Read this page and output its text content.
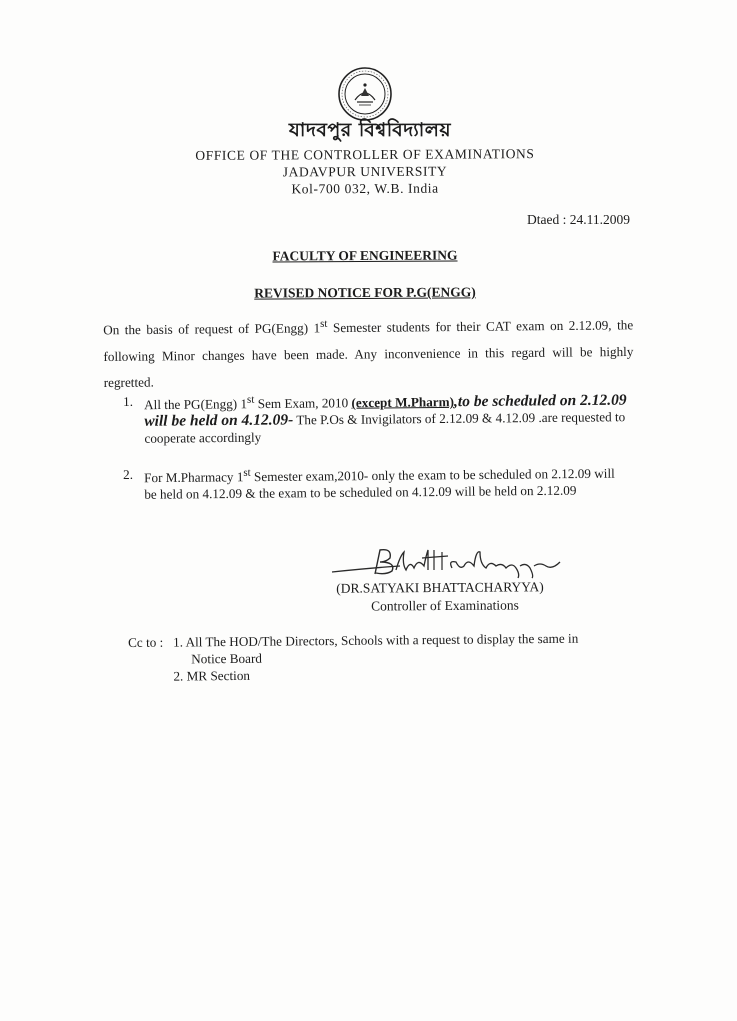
যাদবপুর বিশ্ববিদ্যালয়
OFFICE OF THE CONTROLLER OF EXAMINATIONS
JADAVPUR UNIVERSITY
Kol-700 032, W.B. India
Dtaed : 24.11.2009
FACULTY OF ENGINEERING
REVISED NOTICE FOR P.G(ENGG)
On the basis of request of PG(Engg) 1st Semester students for their CAT exam on 2.12.09, the following Minor changes have been made. Any inconvenience in this regard will be highly regretted.
1. All the PG(Engg) 1st Sem Exam, 2010 (except M.Pharm),to be scheduled on 2.12.09 will be held on 4.12.09- The P.Os & Invigilators of 2.12.09 & 4.12.09 .are requested to cooperate accordingly
2. For M.Pharmacy 1st Semester exam,2010- only the exam to be scheduled on 2.12.09 will be held on 4.12.09 & the exam to be scheduled on 4.12.09 will be held on 2.12.09
(DR.SATYAKI BHATTACHARYYA)
Controller of Examinations
Cc to : 1. All The HOD/The Directors, Schools with a request to display the same in
Notice Board
2. MR Section
